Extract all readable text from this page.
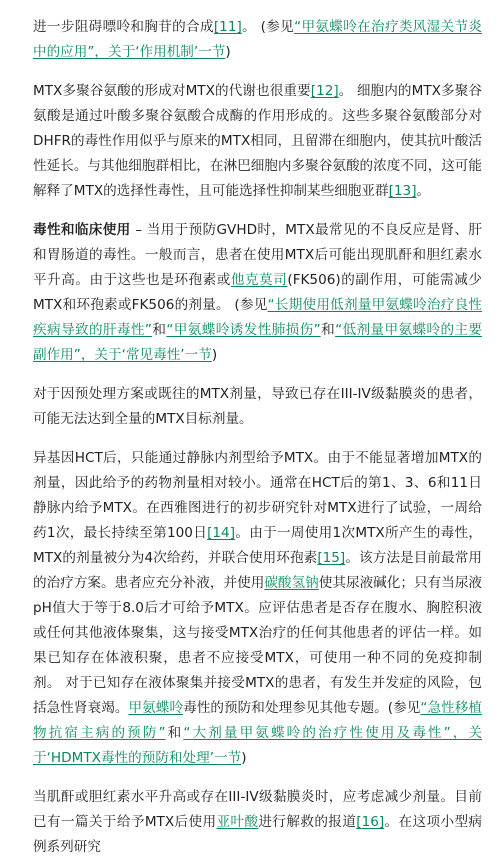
进一步阻碍嘌呤和胸苷的合成[11]。 (参见“甲氨蝶呤在治疗类风湿关节炎中的应用”，关于‘作用机制’一节)

MTX多聚谷氨酸的形成对MTX的代谢也很重要[12]。 细胞内的MTX多聚谷氨酸是通过叶酸多聚谷氨酸合成酶的作用形成的。这些多聚谷氨酸部分对DHFR的毒性作用似乎与原来的MTX相同，且留滞在细胞内，使其抗叶酸活性延长。与其他细胞群相比，在淋巴细胞内多聚谷氨酸的浓度不同，这可能解释了MTX的选择性毒性，且可能选择性抑制某些细胞亚群[13]。

毒性和临床使用 – 当用于预防GVHD时，MTX最常见的不良反应是肾、肝和胃肠道的毒性。一般而言，患者在使用MTX后可能出现肌酐和胆红素水平升高。由于这些也是环孢素或他克莫司(FK506)的副作用，可能需减少MTX和环孢素或FK506的剂量。 (参见“长期使用低剂量甲氨蝶呤治疗良性疾病导致的肝毒性”和“甲氨蝶呤诱发性肺损伤”和“低剂量甲氨蝶呤的主要副作用”，关于‘常见毒性’一节)

对于因预处理方案或既往的MTX剂量，导致已存在III-IV级黏膜炎的患者，可能无法达到全量的MTX目标剂量。

异基因HCT后，只能通过静脉内剂型给予MTX。由于不能显著增加MTX的剂量，因此给予的药物剂量相对较小。通常在HCT后的第1、3、6和11日静脉内给予MTX。在西雅图进行的初步研究针对MTX进行了试验，一周给药1次，最长持续至第100日[14]。由于一周使用1次MTX所产生的毒性，MTX的剂量被分为4次给药，并联合使用环孢素[15]。该方法是目前最常用的治疗方案。患者应充分补液，并使用碳酸氢钠使其尿液碱化；只有当尿液pH值大于等于8.0后才可给予MTX。应评估患者是否存在腹水、胸腔积液或任何其他液体聚集，这与接受MTX治疗的任何其他患者的评估一样。如果已知存在体液积聚，患者不应接受MTX，可使用一种不同的免疫抑制剂。 对于已知存在液体聚集并接受MTX的患者，有发生并发症的风险，包括急性肾衰竭。甲氨蝶呤毒性的预防和处理参见其他专题。(参见“急性移植物抗宿主病的预防”和“大剂量甲氨蝶呤的治疗性使用及毒性”，关于‘HDMTX毒性的预防和处理’一节)

当肌酐或胆红素水平升高或存在III-IV级黏膜炎时，应考虑减少剂量。目前已有一篇关于给予MTX后使用亚叶酸进行解救的报道[16]。在这项小型病例系列研究
